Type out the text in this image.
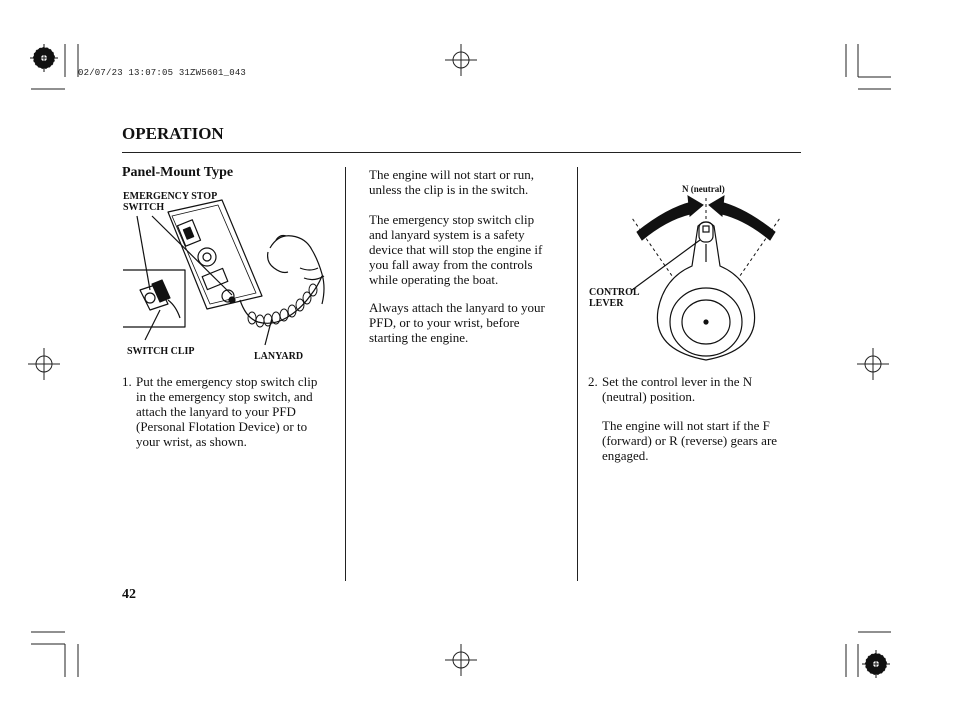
02/07/23 13:07:05 31ZW5601_043
OPERATION
Panel-Mount Type
EMERGENCY STOP
SWITCH
SWITCH CLIP	LANYARD
1. Put the emergency stop switch clip
in the emergency stop switch, and
attach the lanyard to your PFD
(Personal Flotation Device) or to
your wrist, as shown.
The engine will not start or run,
unless the clip is in the switch.
The emergency stop switch clip
and lanyard system is a safety
device that will stop the engine if
you fall away from the controls
while operating the boat.
Always attach the lanyard to your
PFD, or to your wrist, before
starting the engine.
N (neutral)
CONTROL
LEVER
2. Set the control lever in the N
(neutral) position.
The engine will not start if the F
(forward) or R (reverse) gears are
engaged.
42
